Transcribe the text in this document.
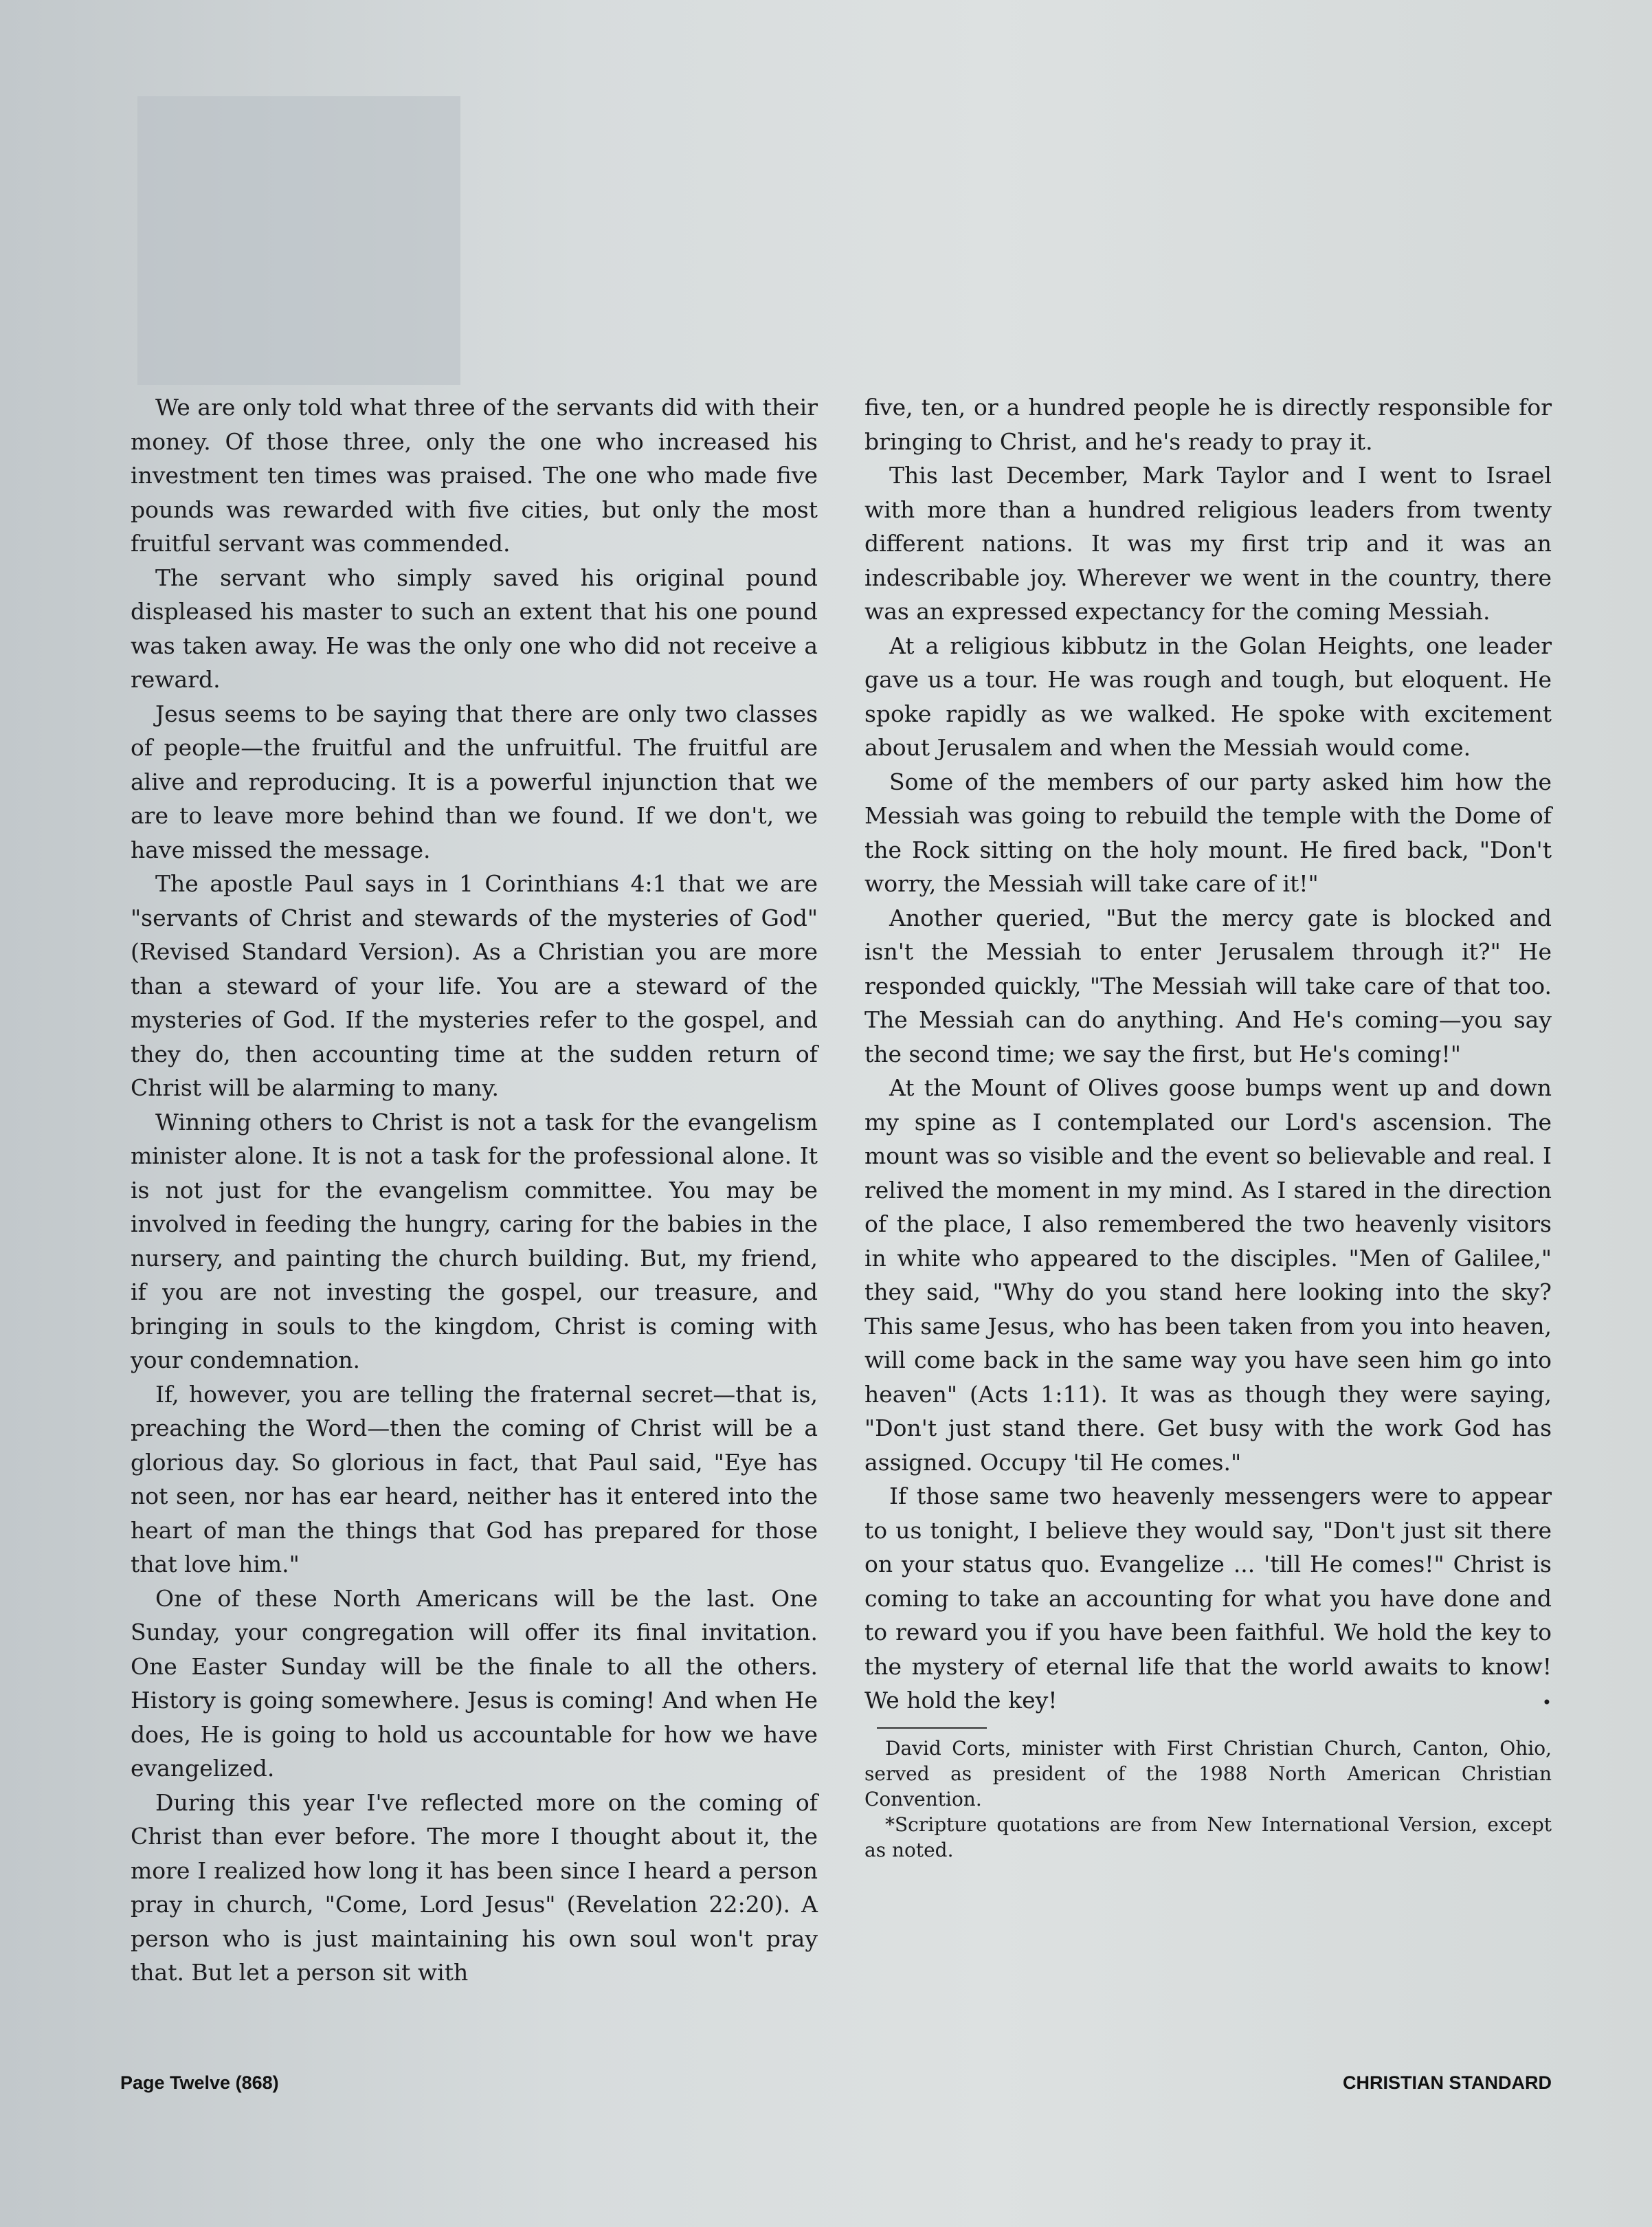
We are only told what three of the servants did with their money. Of those three, only the one who increased his investment ten times was praised. The one who made five pounds was rewarded with five cities, but only the most fruitful servant was commended.

The servant who simply saved his original pound displeased his master to such an extent that his one pound was taken away. He was the only one who did not receive a reward.

Jesus seems to be saying that there are only two classes of people—the fruitful and the unfruitful. The fruitful are alive and reproducing. It is a powerful injunction that we are to leave more behind than we found. If we don't, we have missed the message.

The apostle Paul says in 1 Corinthians 4:1 that we are "servants of Christ and stewards of the mysteries of God" (Revised Standard Version). As a Christian you are more than a steward of your life. You are a steward of the mysteries of God. If the mysteries refer to the gospel, and they do, then accounting time at the sudden return of Christ will be alarming to many.

Winning others to Christ is not a task for the evangelism minister alone. It is not a task for the professional alone. It is not just for the evangelism committee. You may be involved in feeding the hungry, caring for the babies in the nursery, and painting the church building. But, my friend, if you are not investing the gospel, our treasure, and bringing in souls to the kingdom, Christ is coming with your condemnation.

If, however, you are telling the fraternal secret—that is, preaching the Word—then the coming of Christ will be a glorious day. So glorious in fact, that Paul said, "Eye has not seen, nor has ear heard, neither has it entered into the heart of man the things that God has prepared for those that love him."

One of these North Americans will be the last. One Sunday, your congregation will offer its final invitation. One Easter Sunday will be the finale to all the others. History is going somewhere. Jesus is coming! And when He does, He is going to hold us accountable for how we have evangelized.

During this year I've reflected more on the coming of Christ than ever before. The more I thought about it, the more I realized how long it has been since I heard a person pray in church, "Come, Lord Jesus" (Revelation 22:20). A person who is just maintaining his own soul won't pray that. But let a person sit with

five, ten, or a hundred people he is directly responsible for bringing to Christ, and he's ready to pray it.

This last December, Mark Taylor and I went to Israel with more than a hundred religious leaders from twenty different nations. It was my first trip and it was an indescribable joy. Wherever we went in the country, there was an expressed expectancy for the coming Messiah.

At a religious kibbutz in the Golan Heights, one leader gave us a tour. He was rough and tough, but eloquent. He spoke rapidly as we walked. He spoke with excitement about Jerusalem and when the Messiah would come.

Some of the members of our party asked him how the Messiah was going to rebuild the temple with the Dome of the Rock sitting on the holy mount. He fired back, "Don't worry, the Messiah will take care of it!"

Another queried, "But the mercy gate is blocked and isn't the Messiah to enter Jerusalem through it?" He responded quickly, "The Messiah will take care of that too. The Messiah can do anything. And He's coming—you say the second time; we say the first, but He's coming!"

At the Mount of Olives goose bumps went up and down my spine as I contemplated our Lord's ascension. The mount was so visible and the event so believable and real. I relived the moment in my mind. As I stared in the direction of the place, I also remembered the two heavenly visitors in white who appeared to the disciples. "Men of Galilee," they said, "Why do you stand here looking into the sky? This same Jesus, who has been taken from you into heaven, will come back in the same way you have seen him go into heaven" (Acts 1:11). It was as though they were saying, "Don't just stand there. Get busy with the work God has assigned. Occupy 'til He comes."

If those same two heavenly messengers were to appear to us tonight, I believe they would say, "Don't just sit there on your status quo. Evangelize ... 'till He comes!" Christ is coming to take an accounting for what you have done and to reward you if you have been faithful. We hold the key to the mystery of eternal life that the world awaits to know! We hold the key!	•

David Corts, minister with First Christian Church, Canton, Ohio, served as president of the 1988 North American Christian Convention.

*Scripture quotations are from New International Version, except as noted.

Page Twelve (868)	CHRISTIAN STANDARD
